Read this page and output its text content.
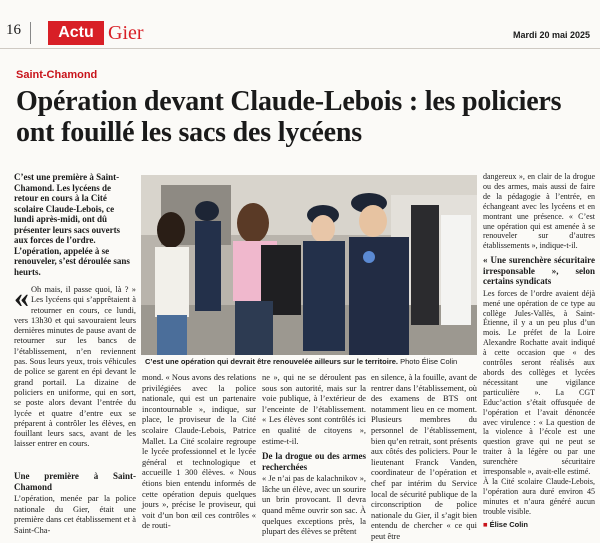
16	Actu Gier	Mardi 20 mai 2025
Saint-Chamond
Opération devant Claude-Lebois : les policiers ont fouillé les sacs des lycéens
C’est une première à Saint-Chamond. Les lycéens de retour en cours à la Cité scolaire Claude-Lebois, ce lundi après-midi, ont dû présenter leurs sacs ouverts aux forces de l’ordre. L’opération, appelée à se renouveler, s’est déroulée sans heurts.
« Oh mais, il passe quoi, là ? » Les lycéens qui s’apprêtaient à retourner en cours, ce lundi, vers 13h30 et qui savouraient leurs dernières minutes de pause avant de retourner sur les bancs de l’établissement, n’en reviennent pas. Sous leurs yeux, trois véhicules de police se garent en épi devant le grand portail. La dizaine de policiers en uniforme, qui en sort, se poste alors devant l’entrée du lycée et quatre d’entre eux se préparent à contrôler les élèves, en fouillant leurs sacs, avant de les laisser entrer en cours.
C’est une opération qui devrait être renouvelée ailleurs sur le territoire. Photo Élise Colin
Une première à Saint-Chamond
L’opération, menée par la police nationale du Gier, était une première dans cet établissement et à Saint-Cha-
mond. « Nous avons des relations privilégiées avec la police nationale, qui est un partenaire incontournable », indique, sur place, le proviseur de la Cité scolaire Claude-Lebois, Patrice Mallet. La Cité scolaire regroupe le lycée professionnel et le lycée général et technologique et accueille 1 300 élèves. « Nous étions bien entendu informés de cette opération depuis quelques jours », précise le proviseur, qui voit d’un bon œil ces contrôles « de routi-
ne », qui ne se déroulent pas sous son autorité, mais sur la voie publique, à l’extérieur de l’enceinte de l’établissement. « Les élèves sont contrôlés ici en qualité de citoyens », estime-t-il.
De la drogue ou des armes recherchées
« Je n’ai pas de kalachnikov », lâche un élève, avec un sourire un brin provocant. Il devra quand même ouvrir son sac. À quelques exceptions près, la plupart des élèves se prêtent
en silence, à la fouille, avant de rentrer dans l’établissement, où des examens de BTS ont notamment lieu en ce moment. Plusieurs membres du personnel de l’établissement, bien qu’en retrait, sont présents aux côtés des policiers. Pour le lieutenant Franck Vanden, coordinateur de l’opération et chef par intérim du Service local de sécurité publique de la circonscription de police nationale du Gier, il s’agit bien entendu de chercher « ce qui peut être
dangereux », en clair de la drogue ou des armes, mais aussi de faire de la pédagogie à l’entrée, en échangeant avec les lycéens et en montrant une présence. « C’est une opération qui est amenée à se renouveler sur d’autres établissements », indique-t-il.
« Une surenchère sécuritaire irresponsable », selon certains syndicats
Les forces de l’ordre avaient déjà mené une opération de ce type au collège Jules-Vallès, à Saint-Étienne, il y a un peu plus d’un mois. Le préfet de la Loire Alexandre Rochatte avait indiqué à cette occasion que « des contrôles seront réalisés aux abords des collèges et lycées nécessitant une vigilance particulière ». La CGT Educ’action s’était offusquée de l’opération et l’avait dénoncée avec virulence : « La question de la violence à l’école est une question grave qui ne peut se traiter à la légère ou par une surenchère sécuritaire irresponsable », avait-elle estimé.
À la Cité scolaire Claude-Lebois, l’opération aura duré environ 45 minutes et n’aura généré aucun trouble visible.
■ Élise Colin
